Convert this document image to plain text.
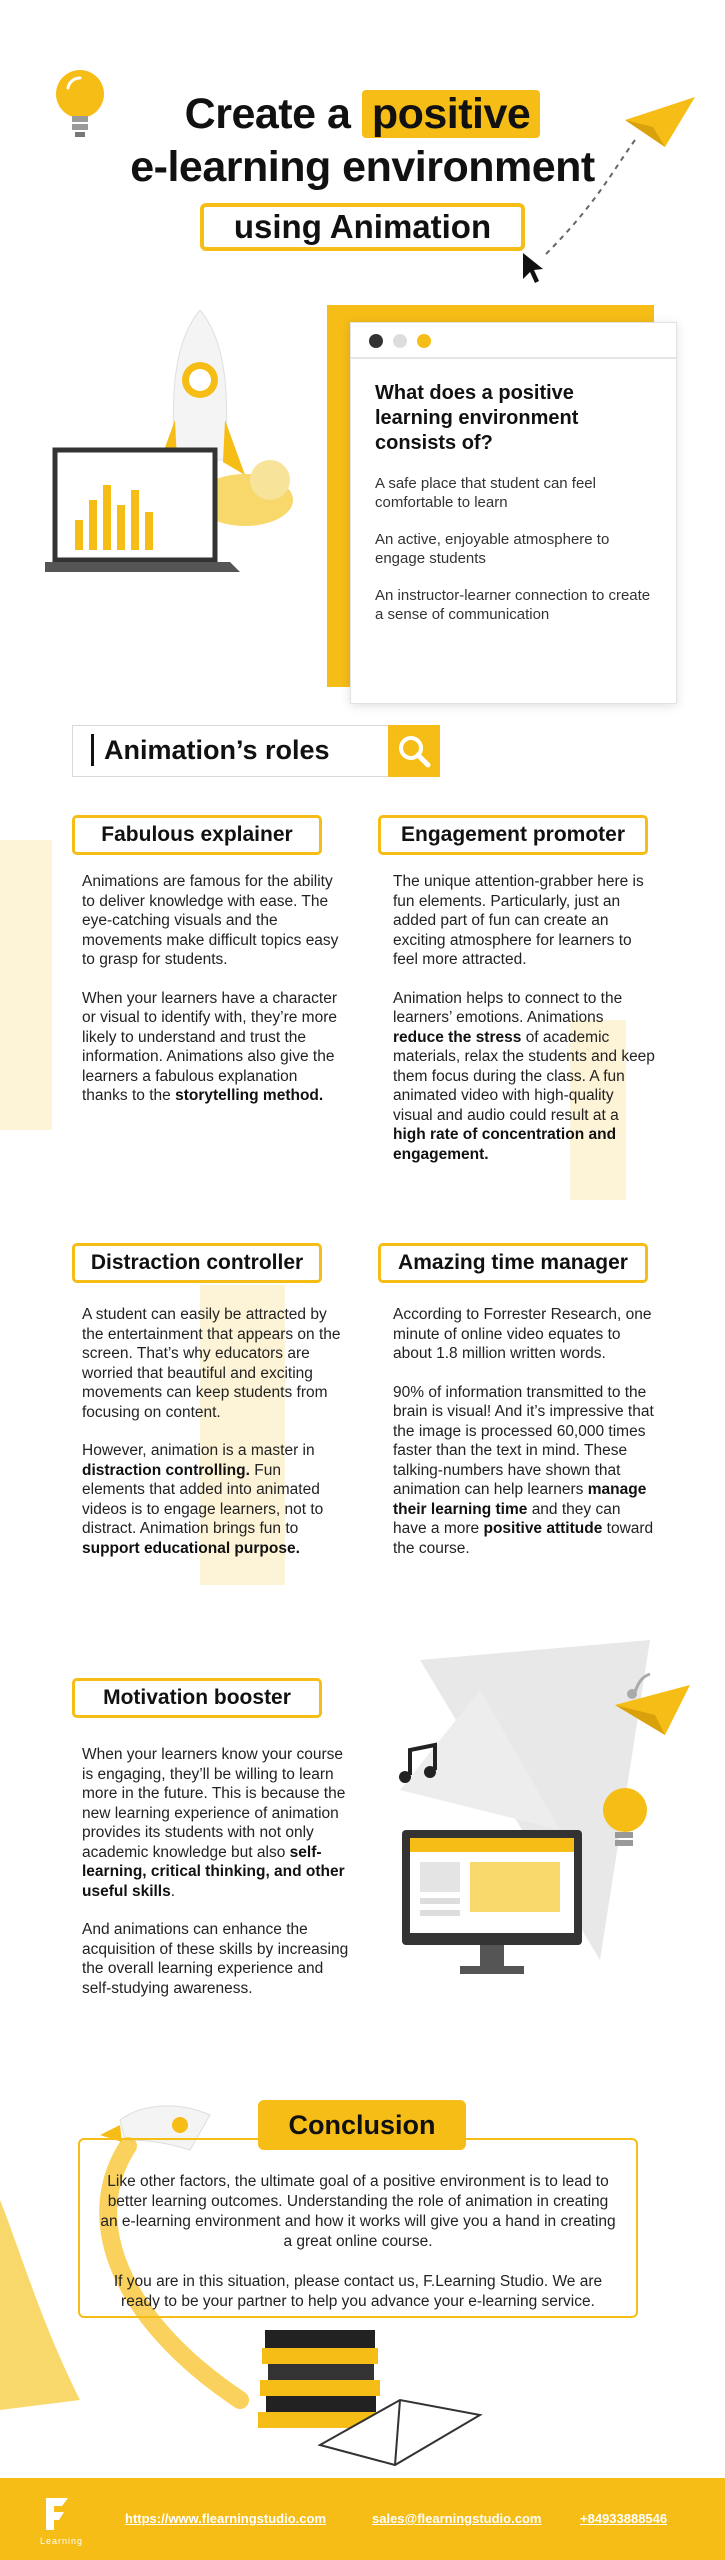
Create a positive
e-learning environment
using Animation
What does a positive learning environment consists of?
A safe place that student can feel comfortable to learn
An active, enjoyable atmosphere to engage students
An instructor-learner connection to create a sense of communication
Animation’s roles
Fabulous explainer

Animations are famous for the ability to deliver knowledge with ease. The eye-catching visuals and the movements make difficult topics easy to grasp for students.

When your learners have a character or visual to identify with, they’re more likely to understand and trust the information. Animations also give the learners a fabulous explanation thanks to the storytelling method.

Engagement promoter

The unique attention-grabber here is fun elements. Particularly, just an added part of fun can create an exciting atmosphere for learners to feel more attracted.

Animation helps to connect to the learners’ emotions. Animations reduce the stress of academic materials, relax the students and keep them focus during the class. A fun animated video with high-quality visual and audio could result at a high rate of concentration and engagement.

Distraction controller

A student can easily be attracted by the entertainment that appears on the screen. That’s why educators are worried that beautiful and exciting movements can keep students from focusing on content.

However, animation is a master in distraction controlling. Fun elements that added into animated videos is to engage learners, not to distract. Animation brings fun to support educational purpose.

Amazing time manager

According to Forrester Research, one minute of online video equates to about 1.8 million written words.

90% of information transmitted to the brain is visual! And it’s impressive that the image is processed 60,000 times faster than the text in mind. These talking-numbers have shown that animation can help learners manage their learning time and they can have a more positive attitude toward the course.

Motivation booster

When your learners know your course is engaging, they’ll be willing to learn more in the future. This is because the new learning experience of animation provides its students with not only academic knowledge but also self-learning, critical thinking, and other useful skills.

And animations can enhance the acquisition of these skills by increasing the overall learning experience and self-studying awareness.

Conclusion

Like other factors, the ultimate goal of a positive environment is to lead to better learning outcomes. Understanding the role of animation in creating an e-learning environment and how it works will give you a hand in creating a great online course.

If you are in this situation, please contact us, F.Learning Studio. We are ready to be your partner to help you advance your e-learning service.

Learning
https://www.flearningstudio.com	sales@flearningstudio.com	+84933888546
